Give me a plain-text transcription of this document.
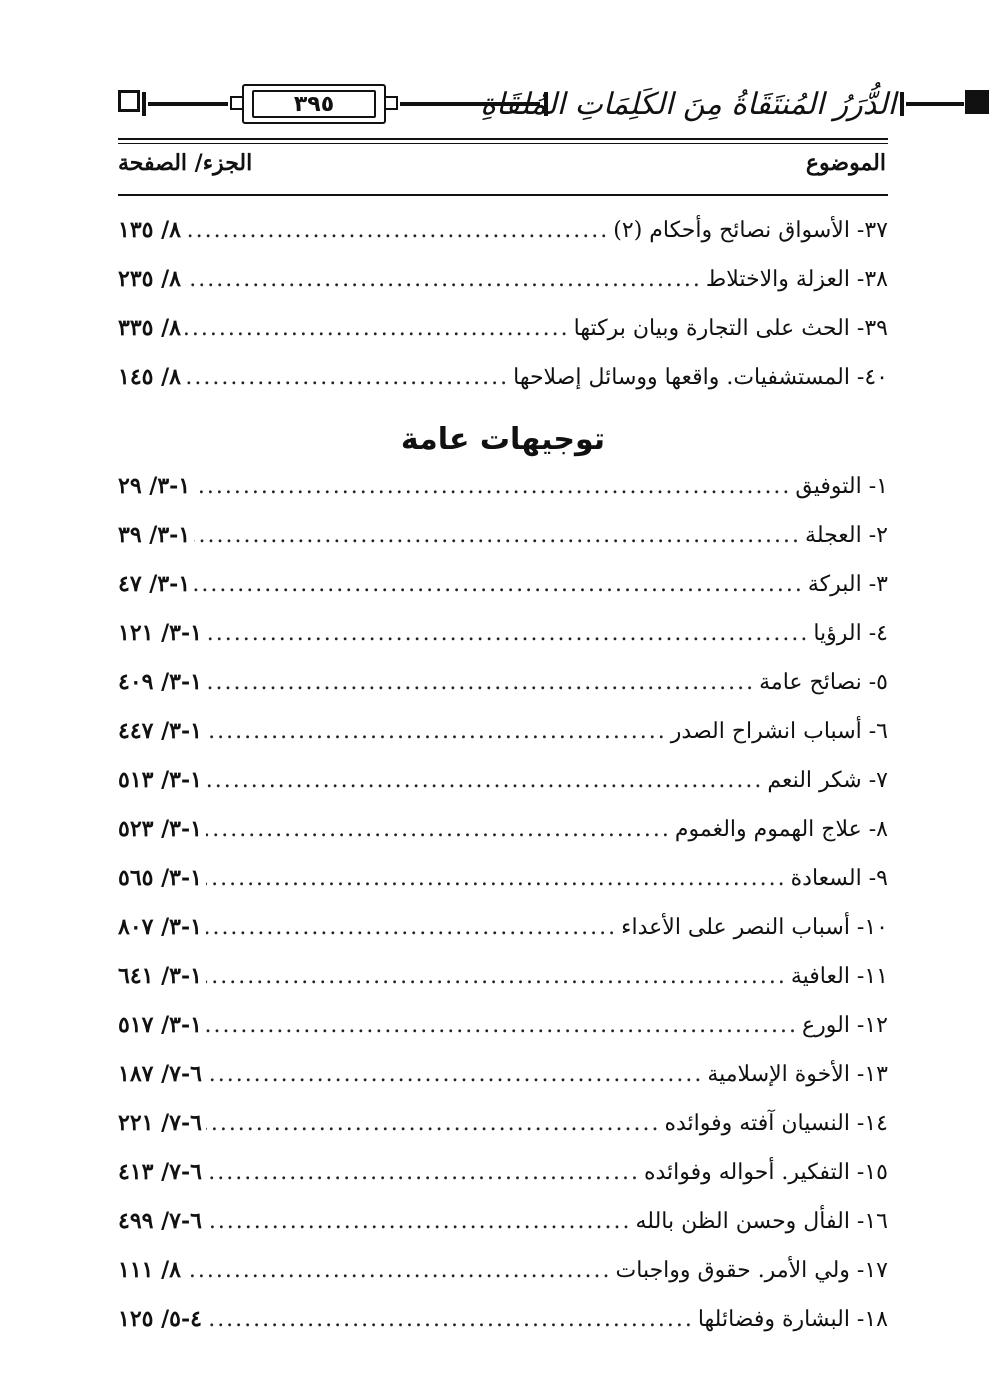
٣٩٥	الدُّرَرُ المُنتَقَاةُ مِنَ الكَلِمَاتِ المُلقَاةِ
الموضوع
الجزء/ الصفحة
٣٧- الأسواق نصائح وأحكام (٢)
.....
٨/ ١٣٥
٣٨- العزلة والاختلاط
.....
٨/ ٢٣٥
٣٩- الحث على التجارة وبيان بركتها
.....
٨/ ٣٣٥
٤٠- المستشفيات. واقعها ووسائل إصلاحها
.....
٨/ ١٤٥
توجيهات عامة
١- التوفيق
.....
١-٣/ ٢٩
٢- العجلة
.....
١-٣/ ٣٩
٣- البركة
.....
١-٣/ ٤٧
٤- الرؤيا
.....
١-٣/ ١٢١
٥- نصائح عامة
.....
١-٣/ ٤٠٩
٦- أسباب انشراح الصدر
.....
١-٣/ ٤٤٧
٧- شكر النعم
.....
١-٣/ ٥١٣
٨- علاج الهموم والغموم
.....
١-٣/ ٥٢٣
٩- السعادة
.....
١-٣/ ٥٦٥
١٠- أسباب النصر على الأعداء
.....
١-٣/ ٨٠٧
١١- العافية
.....
١-٣/ ٦٤١
١٢- الورع
.....
١-٣/ ٥١٧
١٣- الأخوة الإسلامية
.....
٦-٧/ ١٨٧
١٤- النسيان آفته وفوائده
.....
٦-٧/ ٢٢١
١٥- التفكير. أحواله وفوائده
.....
٦-٧/ ٤١٣
١٦- الفأل وحسن الظن بالله
.....
٦-٧/ ٤٩٩
١٧- ولي الأمر. حقوق وواجبات
.....
٨/ ١١١
١٨- البشارة وفضائلها
.....
٤-٥/ ١٢٥
